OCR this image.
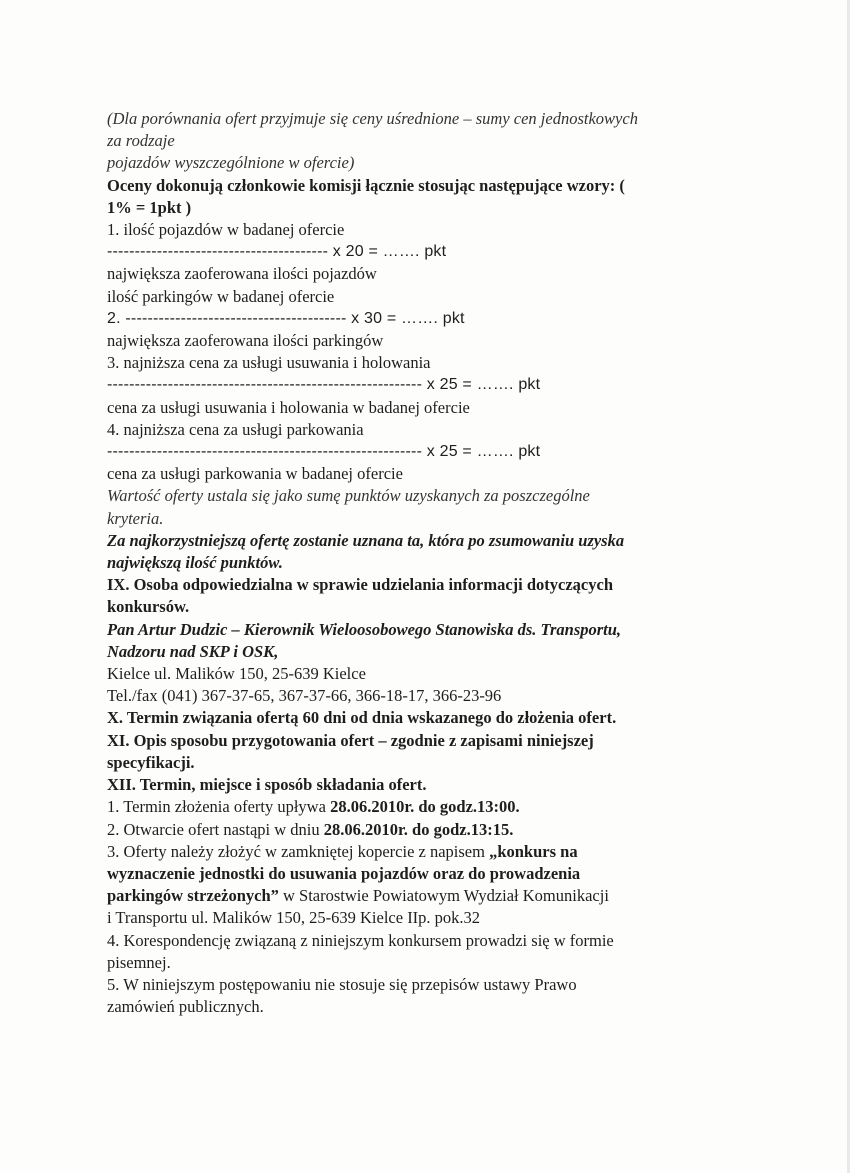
(Dla porównania ofert przyjmuje się ceny uśrednione – sumy cen jednostkowych
za rodzaje
pojazdów wyszczególnione w ofercie)
Oceny dokonują członkowie komisji łącznie stosując następujące wzory: (
1% = 1pkt )
1. ilość pojazdów w badanej ofercie
---------------------------------------- x 20 = ……. pkt
największa zaoferowana ilości pojazdów
ilość parkingów w badanej ofercie
2. ---------------------------------------- x 30 = ……. pkt
największa zaoferowana ilości parkingów
3. najniższa cena za usługi usuwania i holowania
--------------------------------------------------------- x 25 = ……. pkt
cena za usługi usuwania i holowania w badanej ofercie
4. najniższa cena za usługi parkowania
--------------------------------------------------------- x 25 = ……. pkt
cena za usługi parkowania w badanej ofercie
Wartość oferty ustala się jako sumę punktów uzyskanych za poszczególne
kryteria.
Za najkorzystniejszą ofertę zostanie uznana ta, która po zsumowaniu uzyska
największą ilość punktów.
IX. Osoba odpowiedzialna w sprawie udzielania informacji dotyczących
konkursów.
Pan Artur Dudzic – Kierownik Wieloosobowego Stanowiska ds. Transportu,
Nadzoru nad SKP i OSK,
Kielce ul. Malików 150, 25-639 Kielce
Tel./fax (041) 367-37-65, 367-37-66, 366-18-17, 366-23-96
X. Termin związania ofertą 60 dni od dnia wskazanego do złożenia ofert.
XI. Opis sposobu przygotowania ofert – zgodnie z zapisami niniejszej
specyfikacji.
XII. Termin, miejsce i sposób składania ofert.
1. Termin złożenia oferty upływa 28.06.2010r. do godz.13:00.
2. Otwarcie ofert nastąpi w dniu 28.06.2010r. do godz.13:15.
3. Oferty należy złożyć w zamkniętej kopercie z napisem „konkurs na
wyznaczenie jednostki do usuwania pojazdów oraz do prowadzenia
parkingów strzeżonych” w Starostwie Powiatowym Wydział Komunikacji
i Transportu ul. Malików 150, 25-639 Kielce IIp. pok.32
4. Korespondencję związaną z niniejszym konkursem prowadzi się w formie
pisemnej.
5. W niniejszym postępowaniu nie stosuje się przepisów ustawy Prawo
zamówień publicznych.
